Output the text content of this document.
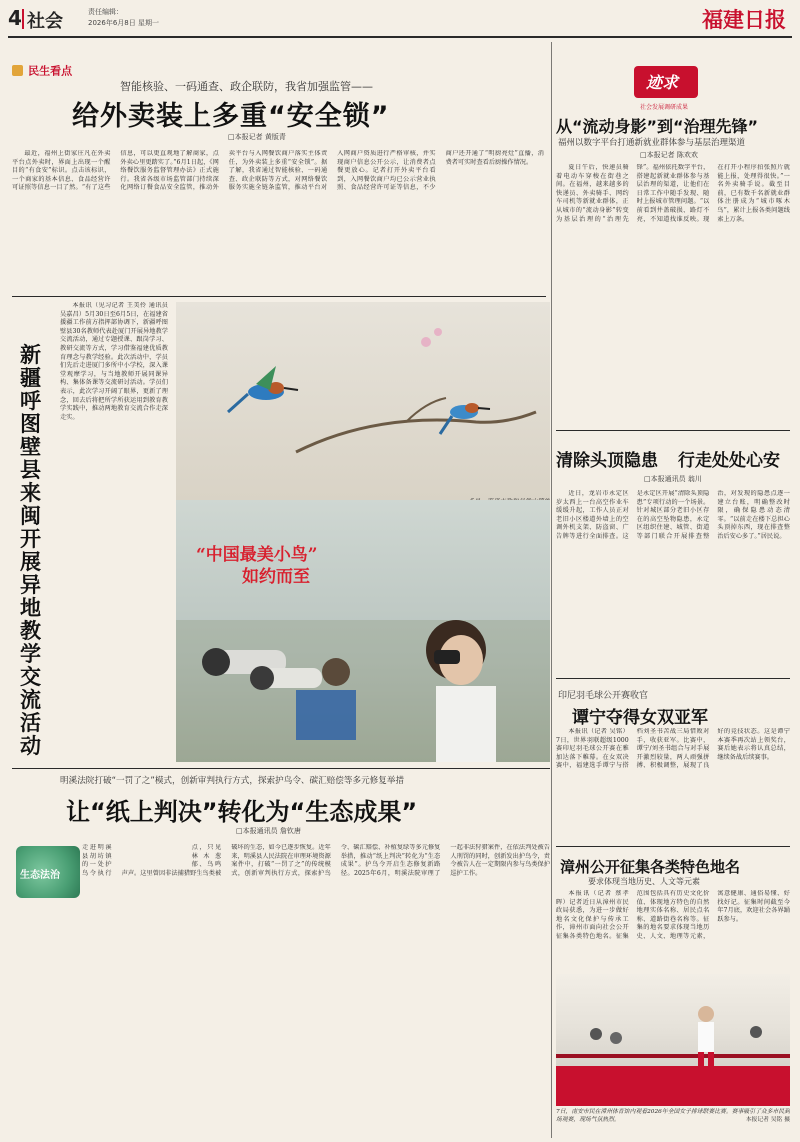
4 社会	责任编辑：
2026年6月8日 星期一	福建日报
民生看点
智能核验、一码通查、政企联防，我省加强监管——
给外卖装上多重“安全锁”
□本报记者 黄版青

最近，福州上街家庄凡在外卖平台点外卖时，界面上出现一个醒目的“有食安”标识。点击该标识，一个商家的基本信息、食品经营许可证照等信息一目了然。“有了这些信息，可以更直观地了解商家，点外卖心里更踏实了。”6月1日起，《网络餐饮服务监督管理办法》正式施行。我省各级市场监管部门持续深化网络订餐食品安全监管，推动外卖平台与入网餐饮商户落实主体责任，为外卖装上多重“安全锁”。据了解，我省通过智能核验、一码通查、政企联防等方式，对网络餐饮服务实施全链条监管，推动平台对入网商户资质进行严格审核，并实现商户信息公开公示，让消费者点餐更放心。记者打开外卖平台看到，入网餐饮商户均已公示营业执照、食品经营许可证等信息，不少商户还开通了“明厨亮灶”直播，消费者可实时查看后厨操作情况。

迹求
社会发展调研成果
从“流动身影”到“治理先锋”
福州以数字平台打通新就业群体参与基层治理渠道
□本报记者 陈欢欢

夏日午后，快递员骑着电动车穿梭在街巷之间。在福州，越来越多的快递员、外卖骑手、网约车司机等新就业群体，正从城市的“流动身影”转变为基层治理的“治理先锋”。福州依托数字平台，搭建起新就业群体参与基层治理的渠道，让他们在日常工作中随手发现、随时上报城市管理问题。“以前看到井盖破损、路灯不亮，不知道找谁反映。现在打开小程序拍张照片就能上报，处理得很快。”一名外卖骑手说。截至目前，已有数千名新就业群体注册成为“城市啄木鸟”，累计上报各类问题线索上万条。

新疆呼图壁县来闽开展异地教学交流活动

本报讯（见习记者 王美伶 通讯员 吴嘉昌）5月30日至6月5日，在福建省援疆工作前方指挥部协调下，新疆呼图壁县30名教师代表赴厦门开展异地教学交流活动，通过专题授课、跟岗学习、教研交流等方式，学习借鉴福建优质教育理念与教学经验。此次活动中，学员们先后走进厦门多所中小学校，深入课堂观摩学习，与当地教师开展同课异构、集体备课等交流研讨活动。学员们表示，此次学习开阔了眼界，更新了理念，回去后将把所学所获运用到教育教学实践中，推动两地教育交流合作走深走实。

“中国最美小鸟”
如约而至
清除头顶隐患 行走处处心安
□本报通讯员 翁川

近日，龙岩市永定区岁太西上一台高空作业车缓缓升起，工作人员正对老旧小区楼道外墙上的空调外机支架、防盗窗、广告牌等进行全面排查。这是永定区开展“清除头顶隐患”专项行动的一个场景。针对城区部分老旧小区存在的高空坠物隐患，永定区组织住建、城管、街道等部门联合开展排查整治，对发现的隐患点逐一建立台账，明确整改时限，确保隐患动态清零。“以前走在楼下总担心头顶掉东西，现在排查整治后安心多了。”居民说。

印尼羽毛球公开赛收官
谭宁夺得女双亚军

本报讯（记者 吴铭）7日，世界羽联超级1000赛印尼羽毛球公开赛在雅加达落下帷幕。在女双决赛中，福建选手谭宁与搭档刘圣书苦战三局惜败对手，收获亚军。比赛中，谭宁/刘圣书组合与对手展开激烈较量，两人顽强拼搏、积极调整，展现了良好的竞技状态。这是谭宁本赛季再次站上领奖台，赛后她表示将认真总结，继续备战后续赛事。

漳州公开征集各类特色地名
要求体现当地历史、人文等元素

本报讯（记者 蔡孝晖）记者近日从漳州市民政局获悉，为进一步做好地名文化保护与传承工作，漳州市面向社会公开征集各类特色地名。征集范围包括具有历史文化价值、体现地方特色的自然地理实体名称、居民点名称、道路街巷名称等。征集的地名要求体现当地历史、人文、地理等元素，寓意健康、通俗易懂、好找好记。征集时间截至今年7月底，欢迎社会各界踊跃参与。

7日，南安市民在漳州体育馆内观看2026年全国女子排球联赛比赛。赛事吸引了众多市民到场观赛，现场气氛热烈。	本报记者 吴铭 摄
明溪法院打破“一罚了之”模式，创新审判执行方式，探索护鸟令、碳汇赔偿等多元修复举措
让“纸上判决”转化为“生态成果”
□本报通讯员 詹钦唐
生态法治

走进明溪县胡坊镇的一处护鸟令执行点，只见林木葱郁、鸟鸣声声。这里曾因非法捕猎野生鸟类被破坏的生态，如今已逐步恢复。近年来，明溪县人民法院在审理环境资源案件中，打破“一罚了之”的传统模式，创新审判执行方式，探索护鸟令、碳汇赔偿、补植复绿等多元修复举措，推动“纸上判决”转化为“生态成果”。护鸟令开启生态修复新路径。2025年6月，明溪法院审理了一起非法狩猎案件，在依法判处被告人刑罚的同时，创新发出护鸟令，责令被告人在一定期限内参与鸟类保护巡护工作。
